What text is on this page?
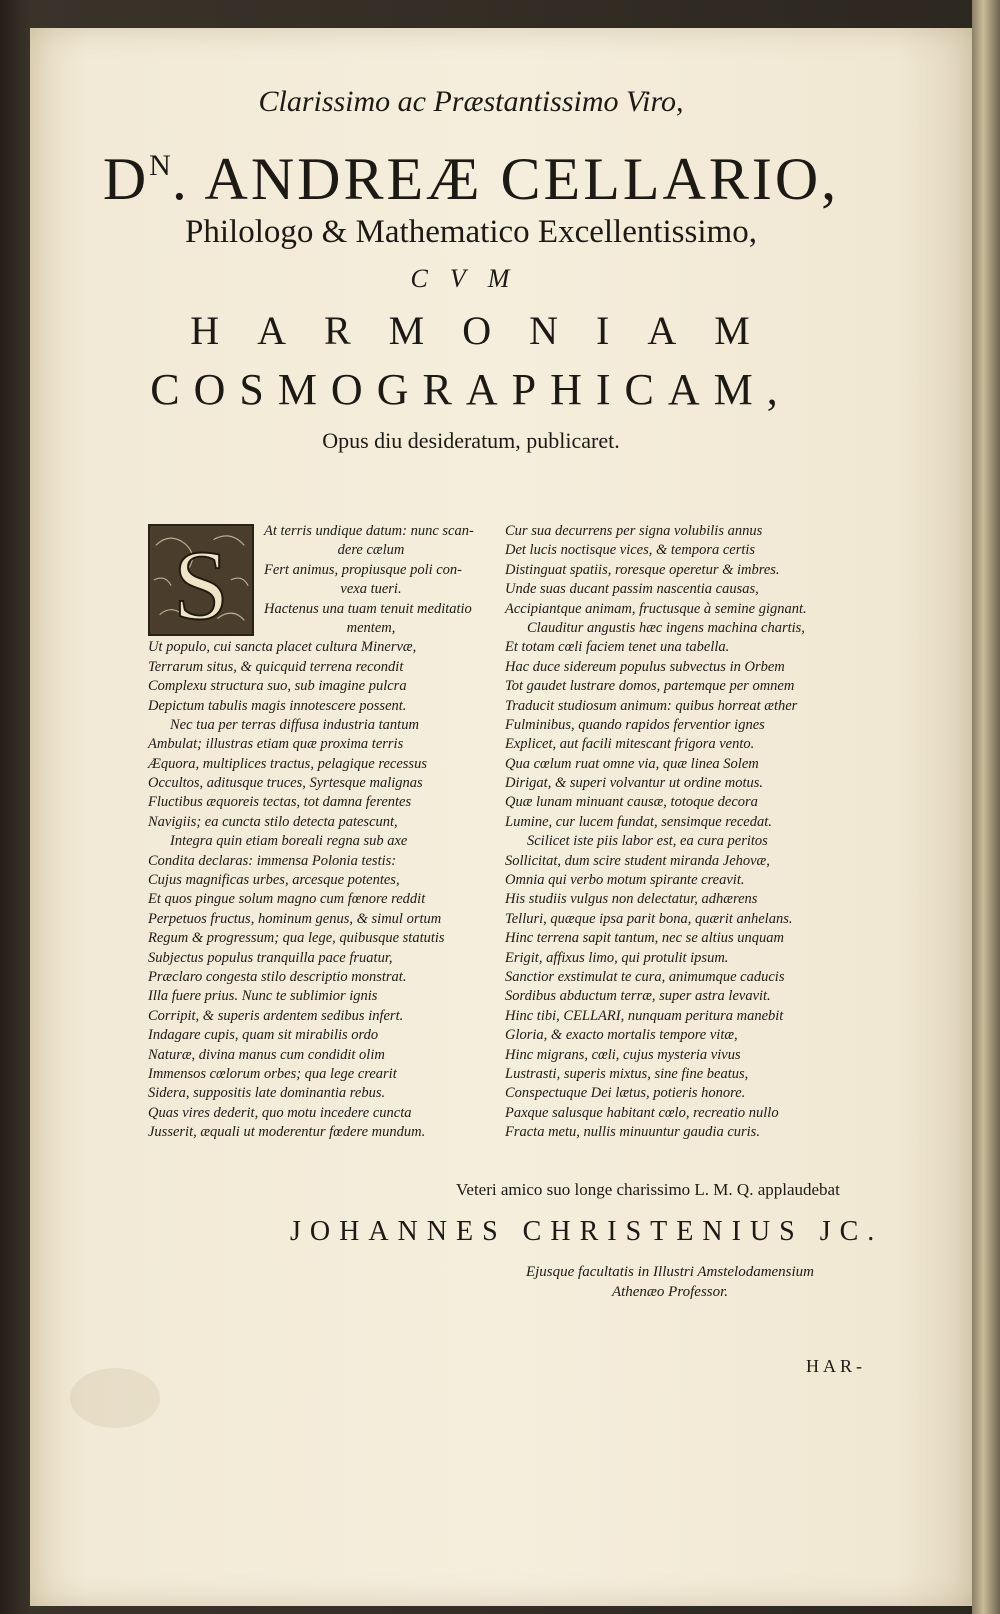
Clarissimo ac Præstantissimo Viro,

$D^N$. ANDREÆ CELLARIO,

Philologo & Mathematico Excellentissimo,

CVM

HARMONIAM

COSMOGRAPHICAM,

Opus diu desideratum, publicaret.

S	At terris undique datum: nunc scan-
dere cælum
Fert animus, propiusque poli con-
vexa tueri.
Hactenus una tuam tenuit meditatio
mentem,
Ut populo, cui sancta placet cultura Minervæ,
Terrarum situs, & quicquid terrena recondit
Complexu structura suo, sub imagine pulcra
Depictum tabulis magis innotescere possent.
Nec tua per terras diffusa industria tantum
Ambulat; illustras etiam quæ proxima terris
Æquora, multiplices tractus, pelagique recessus
Occultos, aditusque truces, Syrtesque malignas
Fluctibus æquoreis tectas, tot damna ferentes
Navigiis; ea cuncta stilo detecta patescunt,
Integra quin etiam boreali regna sub axe
Condita declaras: immensa Polonia testis:
Cujus magnificas urbes, arcesque potentes,
Et quos pingue solum magno cum fœnore reddit
Perpetuos fructus, hominum genus, & simul ortum
Regum & progressum; qua lege, quibusque statutis
Subjectus populus tranquilla pace fruatur,
Præclaro congesta stilo descriptio monstrat.
Illa fuere prius. Nunc te sublimior ignis
Corripit, & superis ardentem sedibus infert.
Indagare cupis, quam sit mirabilis ordo
Naturæ, divina manus cum condidit olim
Immensos cœlorum orbes; qua lege crearit
Sidera, suppositis late dominantia rebus.
Quas vires dederit, quo motu incedere cuncta
Jusserit, æquali ut moderentur fœdere mundum.
Cur sua decurrens per signa volubilis annus
Det lucis noctisque vices, & tempora certis
Distinguat spatiis, roresque operetur & imbres.
Unde suas ducant passim nascentia causas,
Accipiantque animam, fructusque à semine gignant.
Clauditur angustis hæc ingens machina chartis,
Et totam cœli faciem tenet una tabella.
Hac duce sidereum populus subvectus in Orbem
Tot gaudet lustrare domos, partemque per omnem
Traducit studiosum animum: quibus horreat æther
Fulminibus, quando rapidos ferventior ignes
Explicet, aut facili mitescant frigora vento.
Qua cœlum ruat omne via, quæ linea Solem
Dirigat, & superi volvantur ut ordine motus.
Quæ lunam minuant causæ, totoque decora
Lumine, cur lucem fundat, sensimque recedat.
Scilicet iste piis labor est, ea cura peritos
Sollicitat, dum scire student miranda Jehovæ,
Omnia qui verbo motum spirante creavit.
His studiis vulgus non delectatur, adhærens
Telluri, quæque ipsa parit bona, quærit anhelans.
Hinc terrena sapit tantum, nec se altius unquam
Erigit, affixus limo, qui protulit ipsum.
Sanctior exstimulat te cura, animumque caducis
Sordibus abductum terræ, super astra levavit.
Hinc tibi, CELLARI, nunquam peritura manebit
Gloria, & exacto mortalis tempore vitæ,
Hinc migrans, cœli, cujus mysteria vivus
Lustrasti, superis mixtus, sine fine beatus,
Conspectuque Dei lætus, potieris honore.
Paxque salusque habitant cœlo, recreatio nullo
Fracta metu, nullis minuuntur gaudia curis.
Veteri amico suo longe charissimo L. M. Q. applaudebat
JOHANNES CHRISTENIUS JC.
Ejusque facultatis in Illustri Amstelodamensium
Athenæo Professor.
HAR-
